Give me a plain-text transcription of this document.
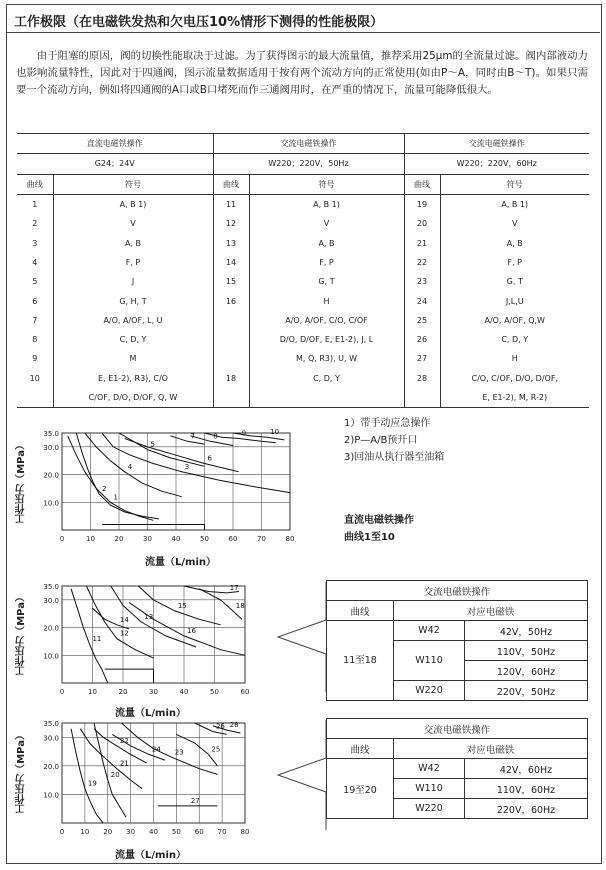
工作极限（在电磁铁发热和欠电压10%情形下测得的性能极限）
由于阻塞的原因，阀的切换性能取决于过滤。为了获得图示的最大流量值，推荐采用25μm的全流量过滤。阀内部液动力也影响流量特性，因此对于四通阀，图示流量数据适用于按有两个流动方向的正常使用(如由P～A，同时由B～T)。如果只需要一个流动方向，例如将四通阀的A口或B口堵死而作三通阀用时，在严重的情况下，流量可能降低很大。
直流电磁铁操作		交流电磁铁操作		交流电磁铁操作	
G24；24V		W220；220V，50Hz		W220；220V，60Hz	
曲线	符号	曲线	符号	曲线	符号
1	A, B 1)	11	A, B 1)	19	A, B 1)
2	V	12	V	20	V
3	A, B	13	A, B	21	A, B
4	F, P	14	F, P	22	F, P
5	J	15	G, T	23	G, T
6	G, H, T	16	H	24	J,L,U
7	A/O, A/OF, L, U		A/O, A/OF, C/O, C/OF	25	A/O, A/OF, Q,W
8	C, D, Y		D/O, D/OF, E, E1-2), J, L	26	C, D, Y
9	M		M, Q, R3), U, W	27	H
10	E, E1-2), R3), C/O	18	C, D, Y	28	C/O, C/OF, D/O, D/OF,
	C/OF, D/O, D/OF, Q, W				E, E1-2), M, R-2)
1）带手动应急操作
2)P—A/B预开口
3)回油从执行器至油箱
直流电磁铁操作
曲线1至10
工作压力（MPa）
0	10	20	30	40	50	60	70	80
10.0
20.0
30.0
35.0
1
2
3
4
5
6
7	8	9	10
流量（L/min）
工作压力（MPa）
0	10	20	30	40	50	60
10.0
20.0
30.0
35.0
11
12
13
14
15
16
17
18
流量（L/min）
工作压力（MPa）
0 10 20 30 40 50 60 70 80
10.0
20.0
30.0
35.0
19
20
21
22
23
24	25
26
27
28
流量（L/min）
交流电磁铁操作		
曲线	对应电磁铁	
11至18	W42	42V，50Hz
	W110	110V，50Hz
		120V，60Hz
	W220	220V，50Hz
交流电磁铁操作		
曲线	对应电磁铁	
19至20	W42	42V，60Hz
	W110	110V，60Hz
	W220	220V，60Hz
